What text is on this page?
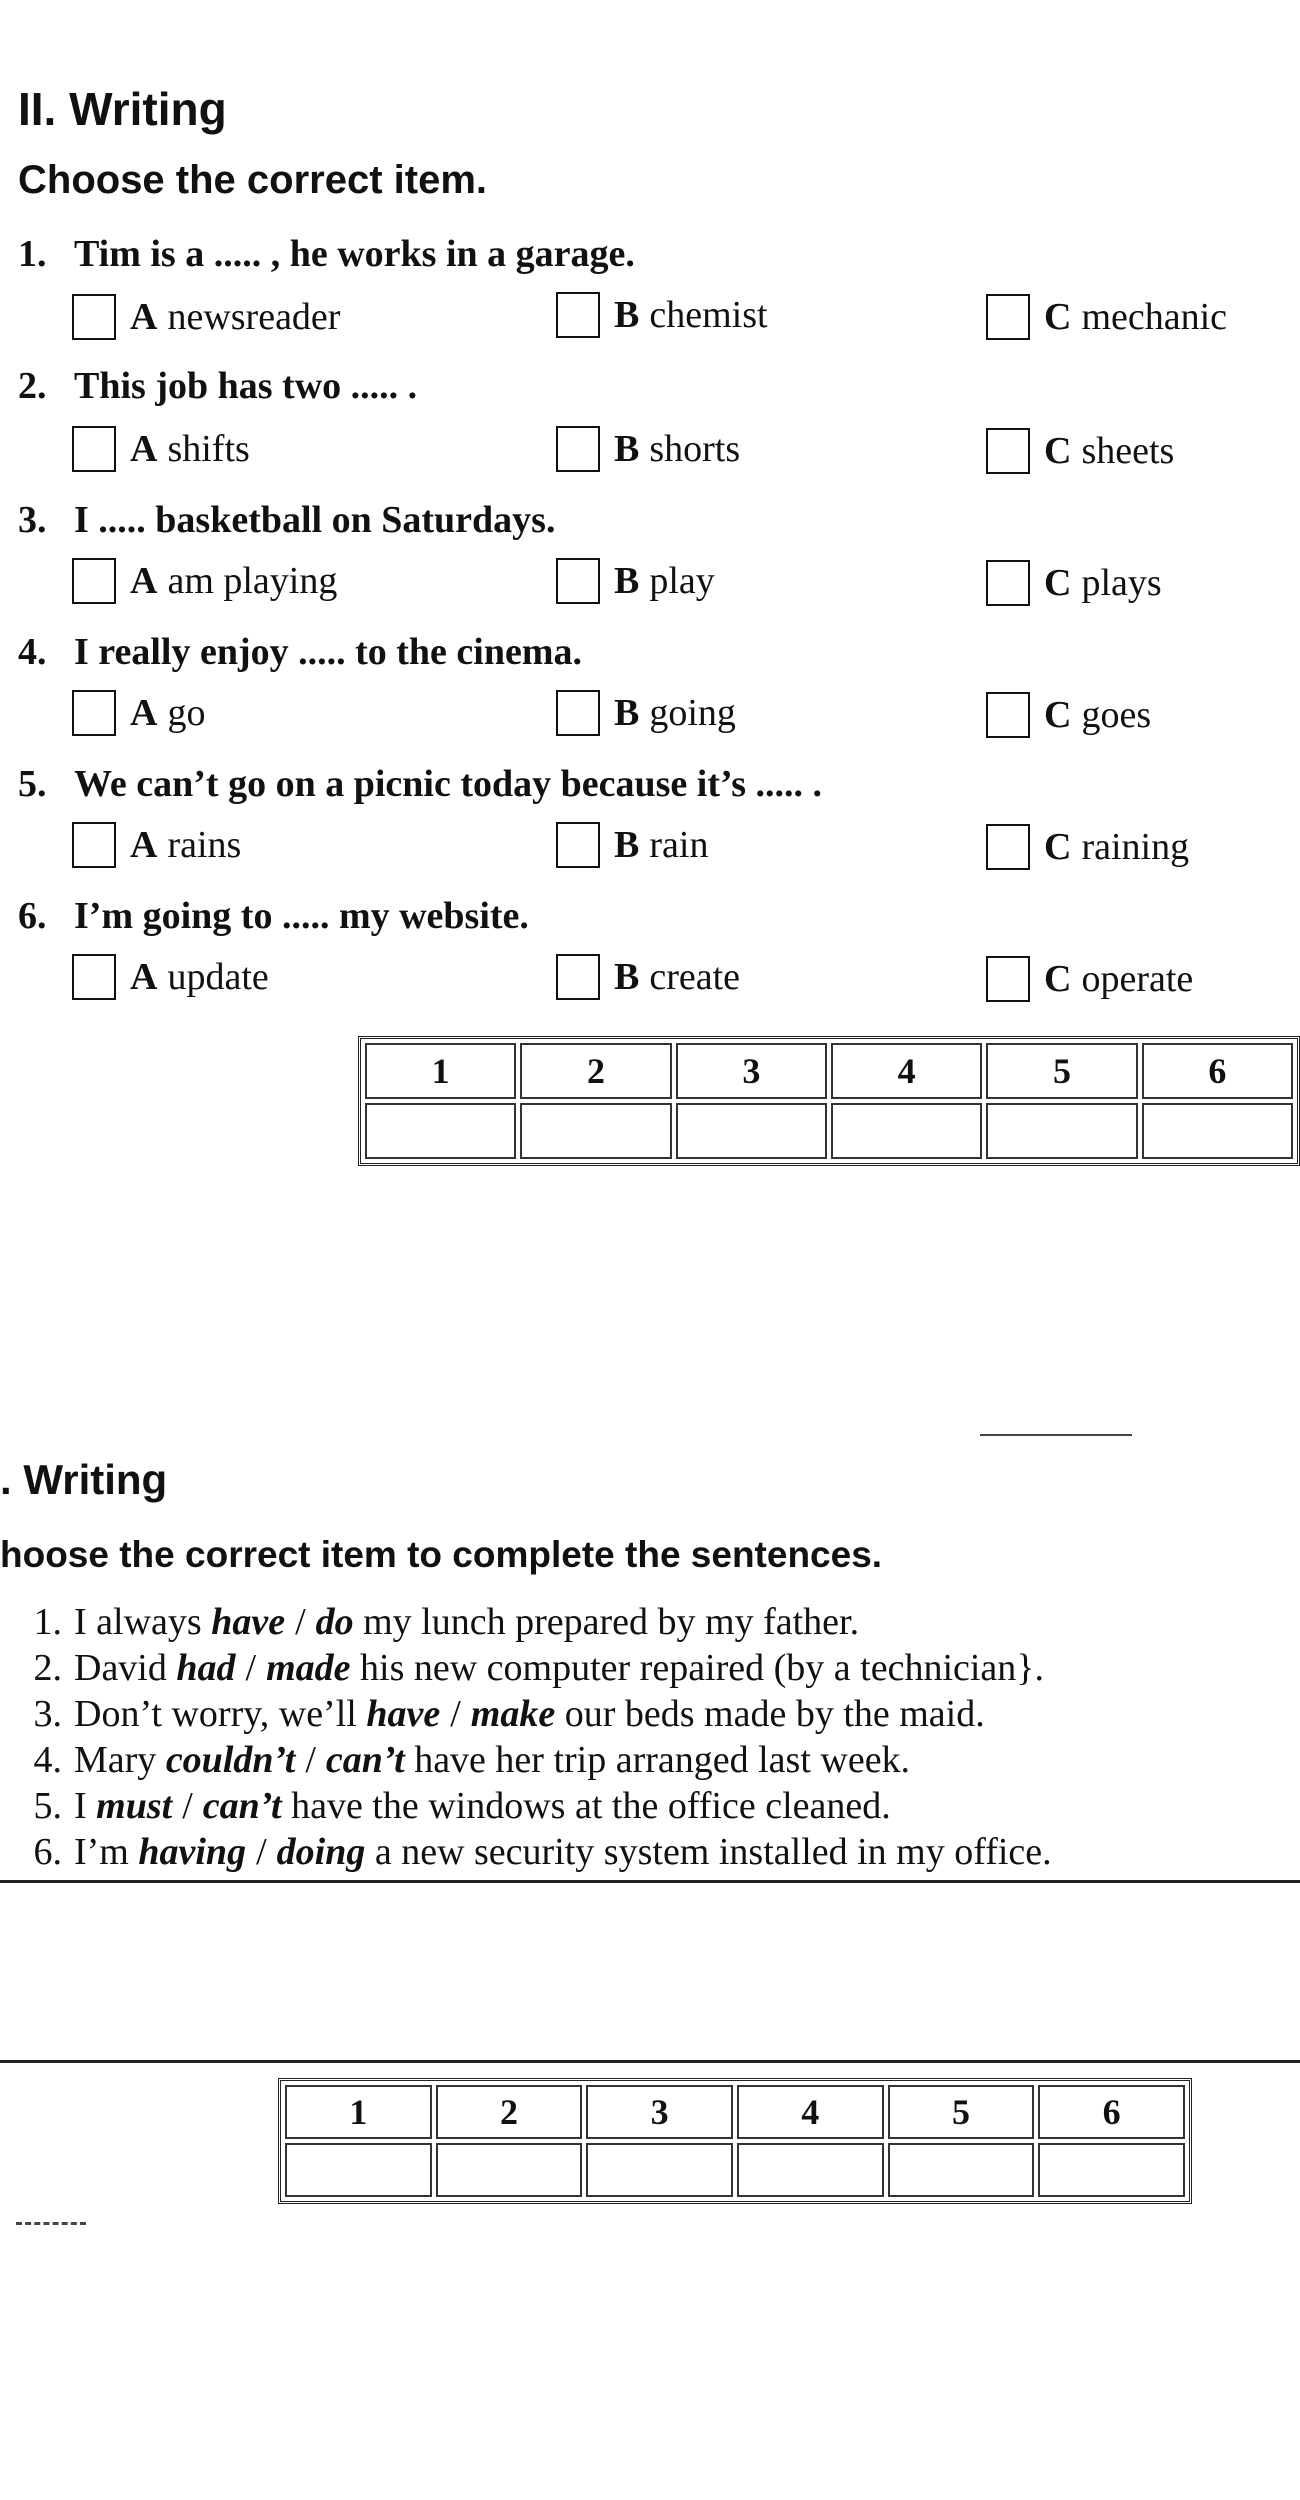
II. Writing
Choose the correct item.
1. Tim is a ..... , he works in a garage.
A newsreader	B chemist	C mechanic
2. This job has two ..... .
A shifts	B shorts	C sheets
3. I ..... basketball on Saturdays.
A am playing	B play	C plays
4. I really enjoy ..... to the cinema.
A go	B going	C goes
5. We can’t go on a picnic today because it’s ..... .
A rains	B rain	C raining
6. I’m going to ..... my website.
A update	B create	C operate
1	2	3	4	5	6

. Writing
hoose the correct item to complete the sentences.
1. I always have / do my lunch prepared by my father.
2. David had / made his new computer repaired (by a technician}.
3. Don’t worry, we’ll have / make our beds made by the maid.
4. Mary couldn’t / can’t have her trip arranged last week.
5. I must / can’t have the windows at the office cleaned.
6. I’m having / doing a new security system installed in my office.
1	2	3	4	5	6
